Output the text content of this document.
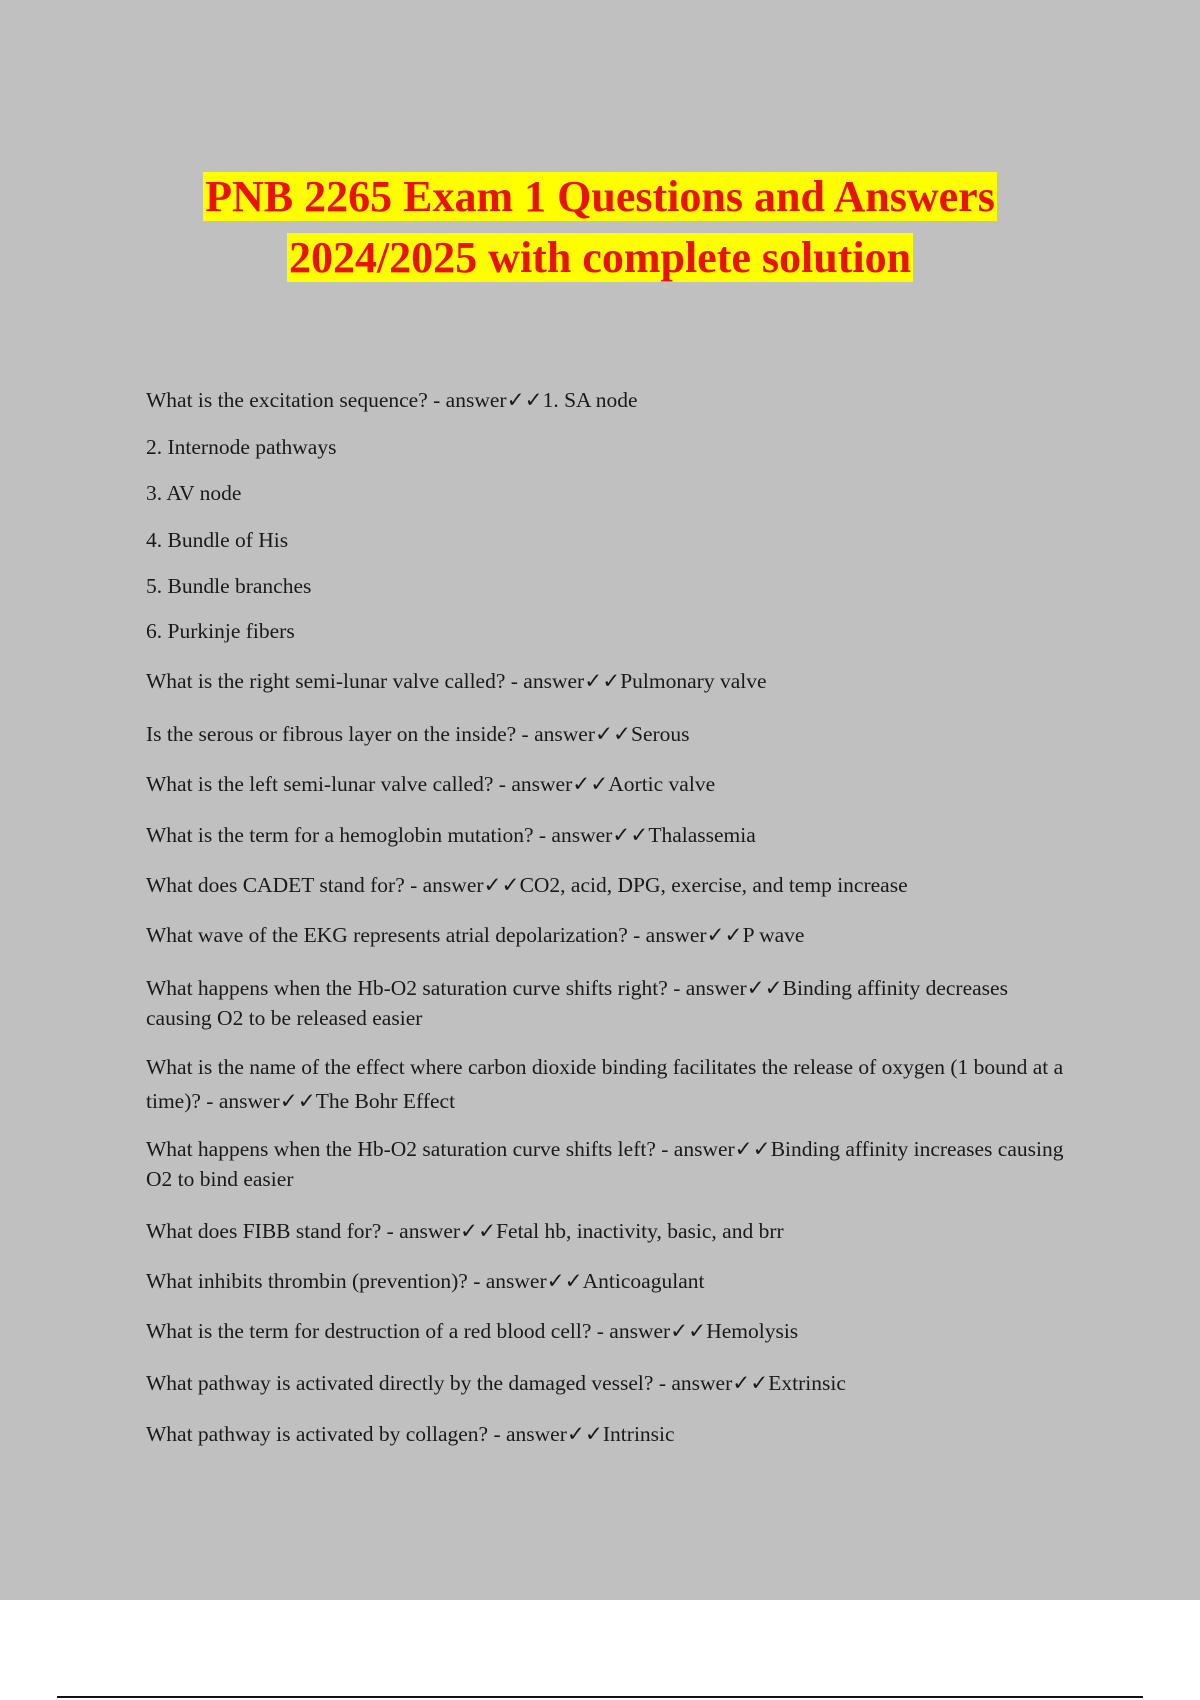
PNB 2265 Exam 1 Questions and Answers
2024/2025 with complete solution
What is the excitation sequence? - answer✓✓1. SA node
2. Internode pathways
3. AV node
4. Bundle of His
5. Bundle branches
6. Purkinje fibers
What is the right semi-lunar valve called? - answer✓✓Pulmonary valve
Is the serous or fibrous layer on the inside? - answer✓✓Serous
What is the left semi-lunar valve called? - answer✓✓Aortic valve
What is the term for a hemoglobin mutation? - answer✓✓Thalassemia
What does CADET stand for? - answer✓✓CO2, acid, DPG, exercise, and temp increase
What wave of the EKG represents atrial depolarization? - answer✓✓P wave
What happens when the Hb-O2 saturation curve shifts right? - answer✓✓Binding affinity decreases causing O2 to be released easier
What is the name of the effect where carbon dioxide binding facilitates the release of oxygen (1 bound at a time)? - answer✓✓The Bohr Effect
What happens when the Hb-O2 saturation curve shifts left? - answer✓✓Binding affinity increases causing O2 to bind easier
What does FIBB stand for? - answer✓✓Fetal hb, inactivity, basic, and brr
What inhibits thrombin (prevention)? - answer✓✓Anticoagulant
What is the term for destruction of a red blood cell? - answer✓✓Hemolysis
What pathway is activated directly by the damaged vessel? - answer✓✓Extrinsic
What pathway is activated by collagen? - answer✓✓Intrinsic
